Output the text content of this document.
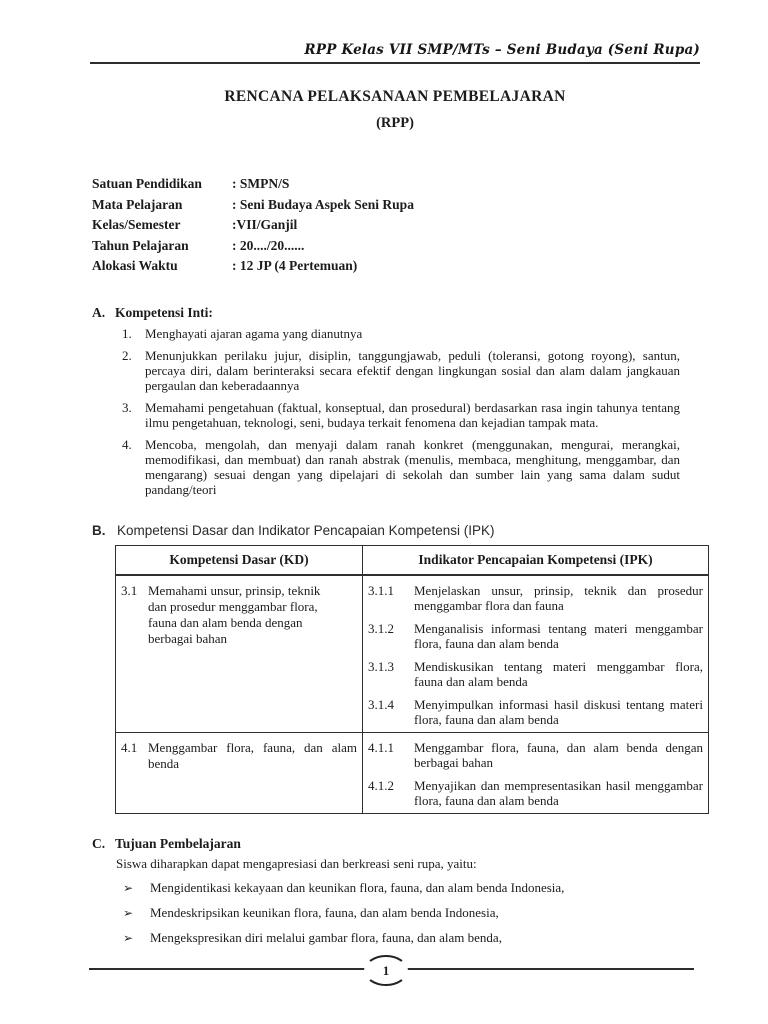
RPP Kelas VII SMP/MTs – Seni Budaya (Seni Rupa)
RENCANA PELAKSANAAN PEMBELAJARAN
(RPP)
Satuan Pendidikan	: SMPN/S
Mata Pelajaran	: Seni Budaya Aspek Seni Rupa
Kelas/Semester	:VII/Ganjil
Tahun Pelajaran	: 20..../20......
Alokasi Waktu	: 12 JP (4 Pertemuan)
A. Kompetensi Inti:
1.	Menghayati ajaran agama yang dianutnya
2.	Menunjukkan perilaku jujur, disiplin, tanggungjawab, peduli (toleransi, gotong royong), santun, percaya diri, dalam berinteraksi secara efektif dengan lingkungan sosial dan alam dalam jangkauan pergaulan dan keberadaannya
3.	Memahami pengetahuan (faktual, konseptual, dan prosedural) berdasarkan rasa ingin tahunya tentang ilmu pengetahuan, teknologi, seni, budaya terkait fenomena dan kejadian tampak mata.
4.	Mencoba, mengolah, dan menyaji dalam ranah konkret (menggunakan, mengurai, merangkai, memodifikasi, dan membuat) dan ranah abstrak (menulis, membaca, menghitung, menggambar, dan mengarang) sesuai dengan yang dipelajari di sekolah dan sumber lain yang sama dalam sudut pandang/teori
B. Kompetensi Dasar dan Indikator Pencapaian Kompetensi (IPK)
Kompetensi Dasar (KD)	Indikator Pencapaian Kompetensi (IPK)

3.1 Memahami unsur, prinsip, teknik dan prosedur menggambar flora, fauna dan alam benda dengan berbagai bahan

3.1.1	Menjelaskan unsur, prinsip, teknik dan prosedur menggambar flora dan fauna
3.1.2	Menganalisis informasi tentang materi menggambar flora, fauna dan alam benda
3.1.3	Mendiskusikan tentang materi menggambar flora, fauna dan alam benda
3.1.4	Menyimpulkan informasi hasil diskusi tentang materi flora, fauna dan alam benda

4.1 Menggambar flora, fauna, dan alam benda

4.1.1	Menggambar flora, fauna, dan alam benda dengan berbagai bahan
4.1.2	Menyajikan dan mempresentasikan hasil menggambar flora, fauna dan alam benda
C. Tujuan Pembelajaran
Siswa diharapkan dapat mengapresiasi dan berkreasi seni rupa, yaitu:
➢	Mengidentikasi kekayaan dan keunikan flora, fauna, dan alam benda Indonesia,
➢	Mendeskripsikan keunikan flora, fauna, dan alam benda Indonesia,
➢	Mengekspresikan diri melalui gambar flora, fauna, dan alam benda,
1
